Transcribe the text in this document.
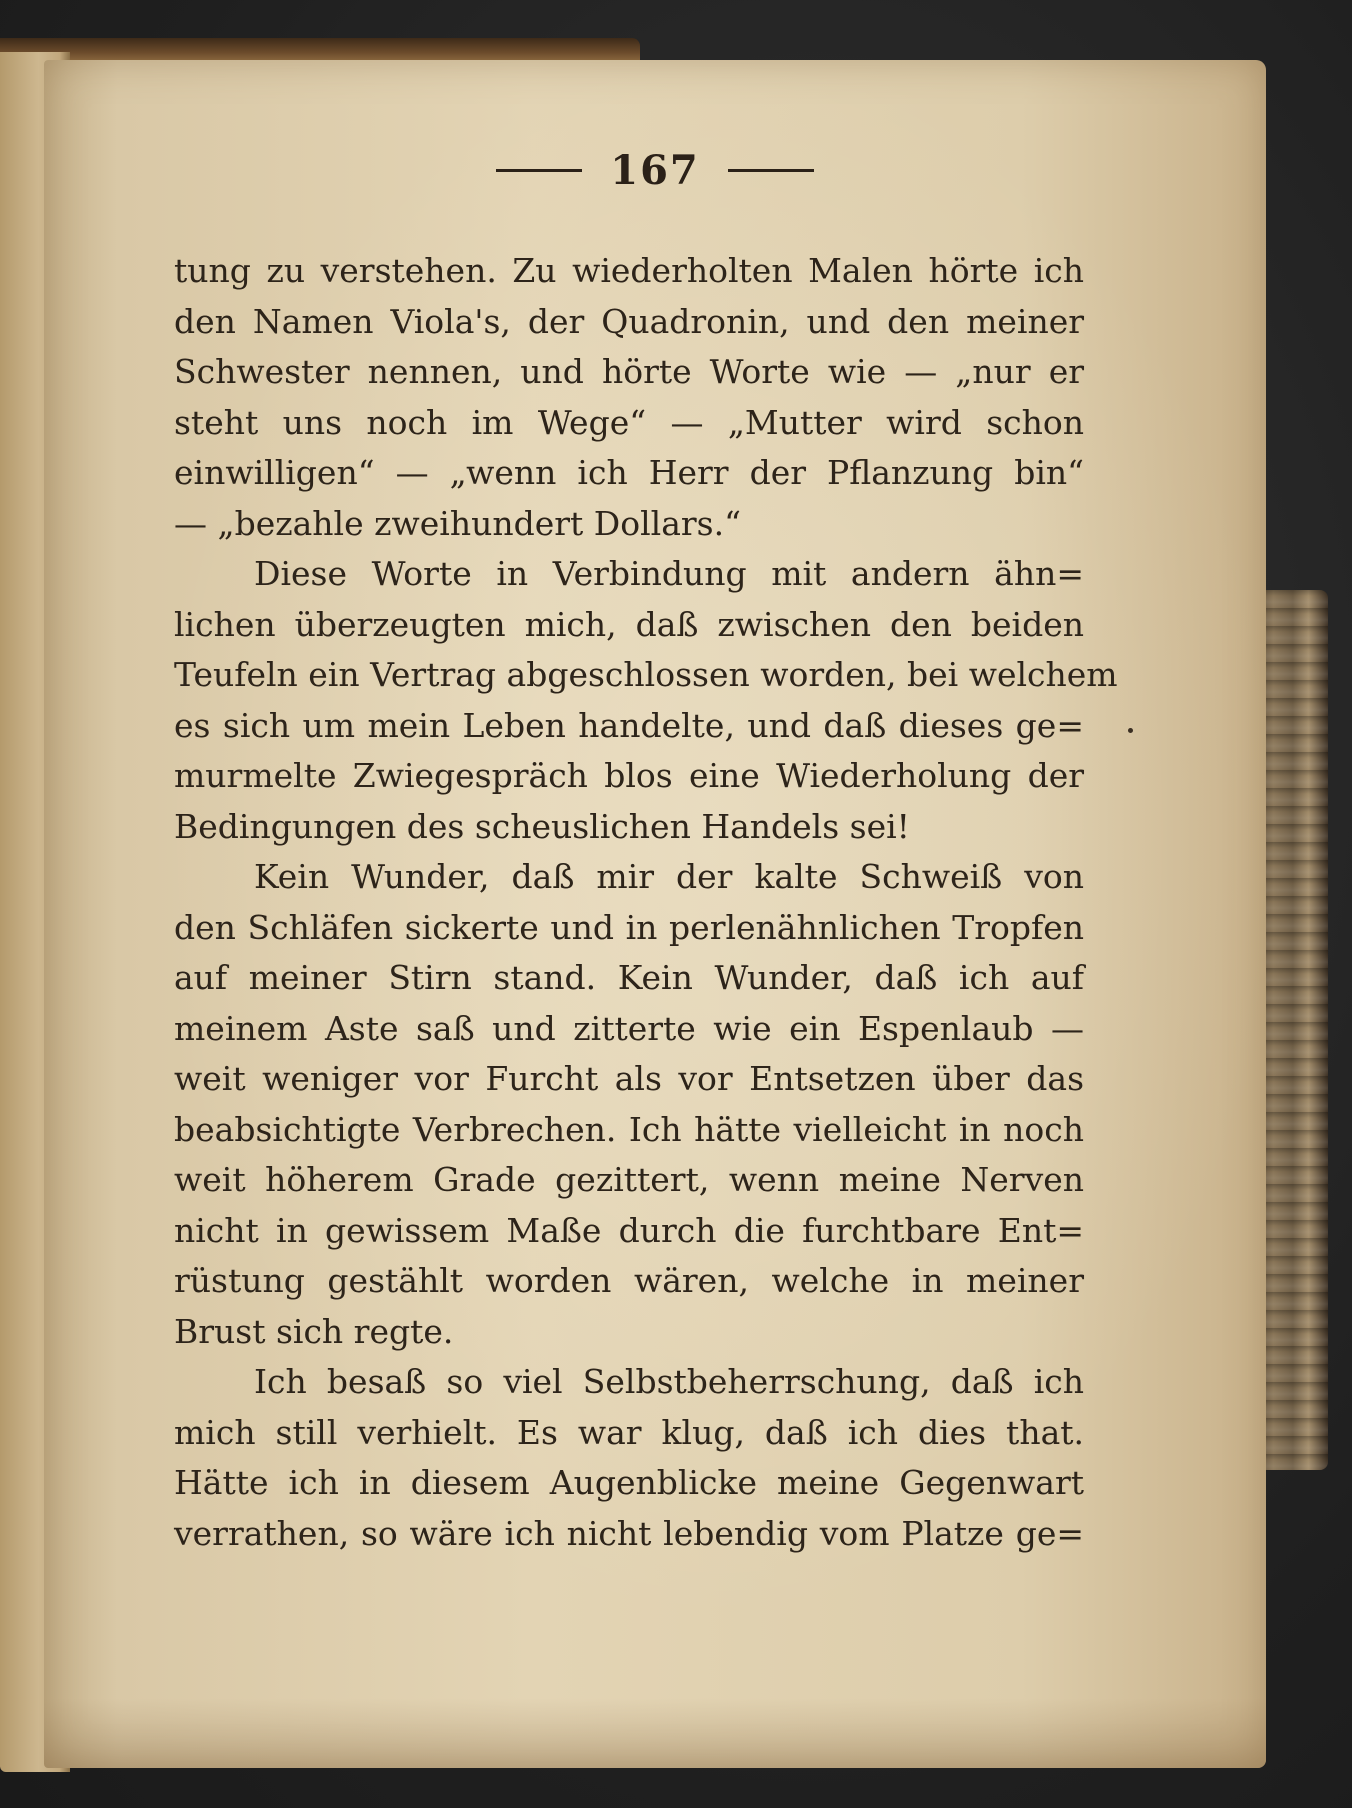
167

tung zu verstehen. Zu wiederholten Malen hörte ich

den Namen Viola's, der Quadronin, und den meiner

Schwester nennen, und hörte Worte wie — „nur er

steht uns noch im Wege“ — „Mutter wird schon

einwilligen“ — „wenn ich Herr der Pflanzung bin“

— „bezahle zweihundert Dollars.“

Diese Worte in Verbindung mit andern ähn=

lichen überzeugten mich, daß zwischen den beiden

Teufeln ein Vertrag abgeschlossen worden, bei welchem

es sich um mein Leben handelte, und daß dieses ge=

murmelte Zwiegespräch blos eine Wiederholung der

Bedingungen des scheuslichen Handels sei!

Kein Wunder, daß mir der kalte Schweiß von

den Schläfen sickerte und in perlenähnlichen Tropfen

auf meiner Stirn stand. Kein Wunder, daß ich auf

meinem Aste saß und zitterte wie ein Espenlaub —

weit weniger vor Furcht als vor Entsetzen über das

beabsichtigte Verbrechen. Ich hätte vielleicht in noch

weit höherem Grade gezittert, wenn meine Nerven

nicht in gewissem Maße durch die furchtbare Ent=

rüstung gestählt worden wären, welche in meiner

Brust sich regte.

Ich besaß so viel Selbstbeherrschung, daß ich

mich still verhielt. Es war klug, daß ich dies that.

Hätte ich in diesem Augenblicke meine Gegenwart

verrathen, so wäre ich nicht lebendig vom Platze ge=
